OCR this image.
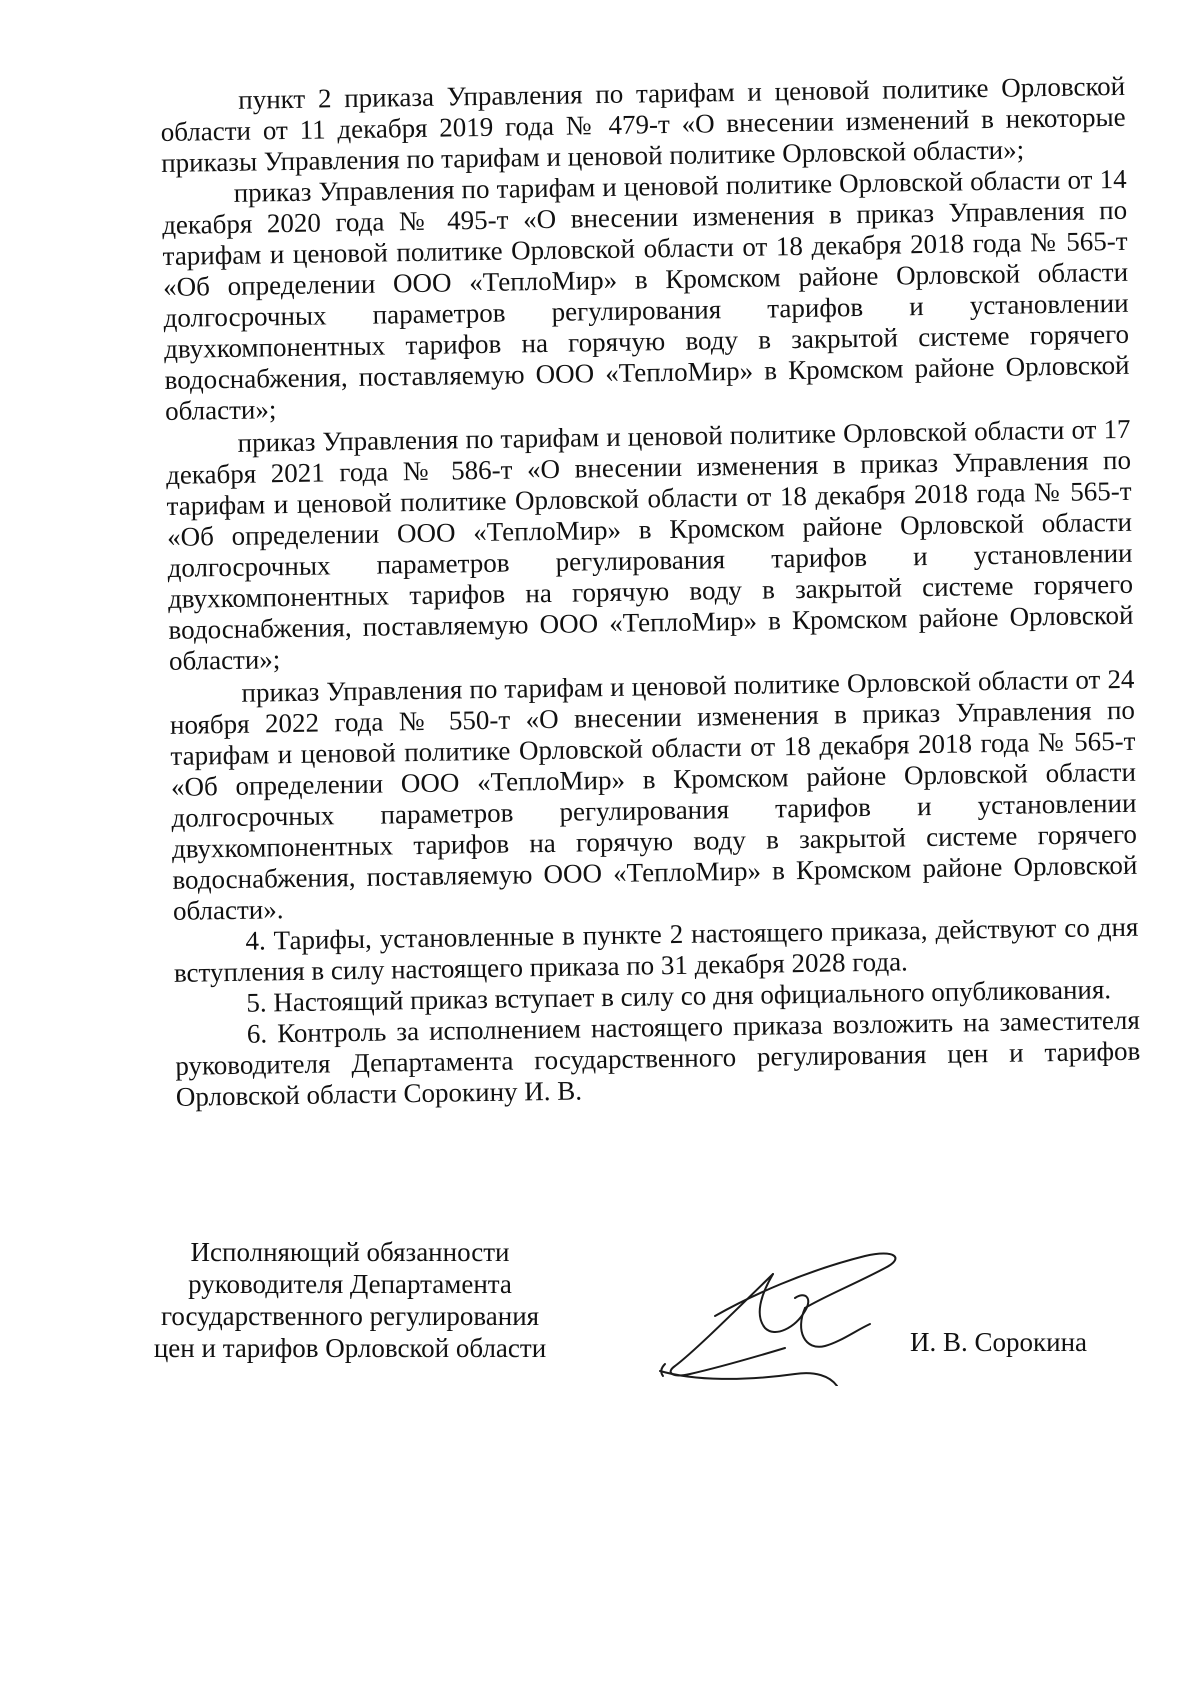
пункт 2 приказа Управления по тарифам и ценовой политике Орловской области от 11 декабря 2019 года № 479-т «О внесении изменений в некоторые приказы Управления по тарифам и ценовой политике Орловской области»;

приказ Управления по тарифам и ценовой политике Орловской области от 14 декабря 2020 года № 495-т «О внесении изменения в приказ Управления по тарифам и ценовой политике Орловской области от 18 декабря 2018 года № 565-т «Об определении ООО «ТеплоМир» в Кромском районе Орловской области долгосрочных параметров регулирования тарифов и установлении двухкомпонентных тарифов на горячую воду в закрытой системе горячего водоснабжения, поставляемую ООО «ТеплоМир» в Кромском районе Орловской области»;

приказ Управления по тарифам и ценовой политике Орловской области от 17 декабря 2021 года № 586-т «О внесении изменения в приказ Управления по тарифам и ценовой политике Орловской области от 18 декабря 2018 года № 565-т «Об определении ООО «ТеплоМир» в Кромском районе Орловской области долгосрочных параметров регулирования тарифов и установлении двухкомпонентных тарифов на горячую воду в закрытой системе горячего водоснабжения, поставляемую ООО «ТеплоМир» в Кромском районе Орловской области»;

приказ Управления по тарифам и ценовой политике Орловской области от 24 ноября 2022 года № 550-т «О внесении изменения в приказ Управления по тарифам и ценовой политике Орловской области от 18 декабря 2018 года № 565-т «Об определении ООО «ТеплоМир» в Кромском районе Орловской области долгосрочных параметров регулирования тарифов и установлении двухкомпонентных тарифов на горячую воду в закрытой системе горячего водоснабжения, поставляемую ООО «ТеплоМир» в Кромском районе Орловской области».

4. Тарифы, установленные в пункте 2 настоящего приказа, действуют со дня вступления в силу настоящего приказа по 31 декабря 2028 года.

5. Настоящий приказ вступает в силу со дня официального опубликования.

6. Контроль за исполнением настоящего приказа возложить на заместителя руководителя Департамента государственного регулирования цен и тарифов Орловской области Сорокину И. В.

Исполняющий обязанности
руководителя Департамента
государственного регулирования
цен и тарифов Орловской области	И. В. Сорокина
